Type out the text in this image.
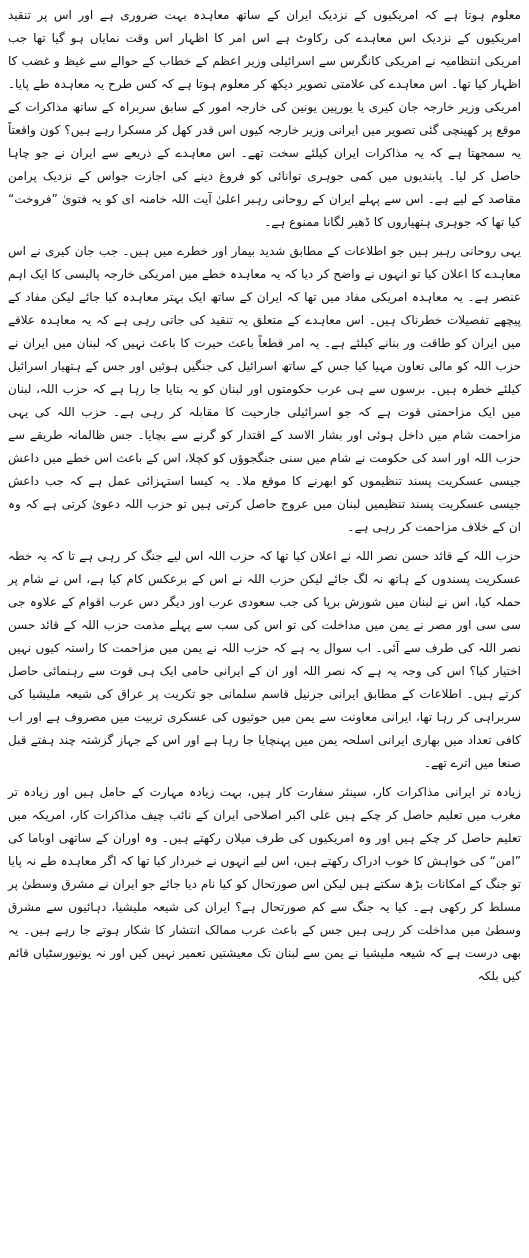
معلوم ہوتا ہے کہ امریکیوں کے نزدیک ایران کے ساتھ معاہدہ بہت ضروری ہے اور اس پر تنقید امریکیوں کے نزدیک اس معاہدے کی رکاوٹ ہے اس امر کا اظہار اس وقت نمایاں ہو گیا تھا جب امریکی انتظامیہ نے امریکی کانگرس سے اسرائیلی وزیر اعظم کے خطاب کے حوالے سے غیظ و غضب کا اظہار کیا تھا۔ اس معاہدے کی علامتی تصویر دیکھ کر معلوم ہوتا ہے کہ کس طرح یہ معاہدہ طے پایا۔ امریکی وزیر خارجہ جان کیری یا یورپین یونین کی خارجہ امور کے سابق سربراہ کے ساتھ مذاکرات کے موقع پر کھینچی گئی تصویر میں ایرانی وزیر خارجہ کیوں اس قدر کھل کر مسکرا رہے ہیں؟ کون واقعتاً یہ سمجھتا ہے کہ یہ مذاکرات ایران کیلئے سخت تھے۔ اس معاہدے کے ذریعے سے ایران نے جو چاہا حاصل کر لیا۔ پابندیوں میں کمی جوہری توانائی کو فروغ دینے کی اجازت جواس کے نزدیک پرامن مقاصد کے لیے ہے۔ اس سے پہلے ایران کے روحانی رہبر اعلیٰ آیت اللہ خامنہ ای کو یہ فتویٰ ”فروخت“ کیا تھا کہ جوہری ہتھیاروں کا ڈھیر لگانا ممنوع ہے۔

یہی روحانی رہبر ہیں جو اطلاعات کے مطابق شدید بیمار اور خطرے میں ہیں۔ جب جان کیری نے اس معاہدے کا اعلان کیا تو انہوں نے واضح کر دیا کہ یہ معاہدہ خطے میں امریکی خارجہ پالیسی کا ایک اہم عنصر ہے۔ یہ معاہدہ امریکی مفاد میں تھا کہ ایران کے ساتھ ایک بہتر معاہدہ کیا جائے لیکن مفاد کے پیچھے تفصیلات خطرناک ہیں۔ اس معاہدے کے متعلق یہ تنقید کی جاتی رہی ہے کہ یہ معاہدہ علاقے میں ایران کو طاقت ور بنانے کیلئے ہے۔ یہ امر قطعاً باعث حیرت کا باعث نہیں کہ لبنان میں ایران نے حزب اللہ کو مالی تعاون مہیا کیا جس کے ساتھ اسرائیل کی جنگیں ہوئیں اور جس کے ہتھیار اسرائیل کیلئے خطرہ ہیں۔ برسوں سے ہی عرب حکومتوں اور لبنان کو یہ بتایا جا رہا ہے کہ حزب اللہ، لبنان میں ایک مزاحمتی قوت ہے کہ جو اسرائیلی جارحیت کا مقابلہ کر رہی ہے۔ حزب اللہ کی یہی مزاحمت شام میں داخل ہوئی اور بشار الاسد کے اقتدار کو گرنے سے بچایا۔ جس ظالمانہ طریقے سے حزب اللہ اور اسد کی حکومت نے شام میں سنی جنگجوؤں کو کچلا، اس کے باعث اس خطے میں داعش جیسی عسکریت پسند تنظیموں کو ابھرنے کا موقع ملا۔ یہ کیسا استہزائی عمل ہے کہ جب داعش جیسی عسکریت پسند تنظیمیں لبنان میں عروج حاصل کرتی ہیں تو حزب اللہ دعویٰ کرتی ہے کہ وہ ان کے خلاف مزاحمت کر رہی ہے۔

حزب اللہ کے قائد حسن نصر اللہ نے اعلان کیا تھا کہ حزب اللہ اس لیے جنگ کر رہی ہے تا کہ یہ خطہ عسکریت پسندوں کے ہاتھ نہ لگ جائے لیکن حزب اللہ نے اس کے برعکس کام کیا ہے، اس نے شام پر حملہ کیا، اس نے لبنان میں شورش برپا کی جب سعودی عرب اور دیگر دس عرب اقوام کے علاوہ جی سی سی اور مصر نے یمن میں مداخلت کی تو اس کی سب سے پہلے مذمت حزب اللہ کے قائد حسن نصر اللہ کی طرف سے آئی۔ اب سوال یہ ہے کہ حزب اللہ نے یمن میں مزاحمت کا راستہ کیوں نہیں اختیار کیا؟ اس کی وجہ یہ ہے کہ نصر اللہ اور ان کے ایرانی حامی ایک ہی قوت سے رہنمائی حاصل کرتے ہیں۔ اطلاعات کے مطابق ایرانی جرنیل قاسم سلمانی جو تکریت پر عراق کی شیعہ ملیشیا کی سربراہی کر رہا تھا، ایرانی معاونت سے یمن میں حوثیوں کی عسکری تربیت میں مصروف ہے اور اب کافی تعداد میں بھاری ایرانی اسلحہ یمن میں پہنچایا جا رہا ہے اور اس کے جہاز گزشتہ چند ہفتے قبل صنعا میں اترے تھے۔

زیادہ تر ایرانی مذاکرات کار، سینئر سفارت کار ہیں، بہت زیادہ مہارت کے حامل ہیں اور زیادہ تر مغرب میں تعلیم حاصل کر چکے ہیں علی اکبر اصلاحی ایران کے نائب چیف مذاکرات کار، امریکہ میں تعلیم حاصل کر چکے ہیں اور وہ امریکیوں کی طرف میلان رکھتے ہیں۔ وہ اوران کے ساتھی اوباما کی ”امن“ کی خواہش کا خوب ادراک رکھتے ہیں، اس لیے انہوں نے خبردار کیا تھا کہ اگر معاہدہ طے نہ پایا تو جنگ کے امکانات بڑھ سکتے ہیں لیکن اس صورتحال کو کیا نام دیا جائے جو ایران نے مشرق وسطیٰ پر مسلط کر رکھی ہے۔ کیا یہ جنگ سے کم صورتحال ہے؟ ایران کی شیعہ ملیشیا، دہائیوں سے مشرق وسطیٰ میں مداخلت کر رہی ہیں جس کے باعث عرب ممالک انتشار کا شکار ہوتے جا رہے ہیں۔ یہ بھی درست ہے کہ شیعہ ملیشیا نے یمن سے لبنان تک معیشتیں تعمیر نہیں کیں اور نہ یونیورسٹیاں قائم کیں بلکہ
